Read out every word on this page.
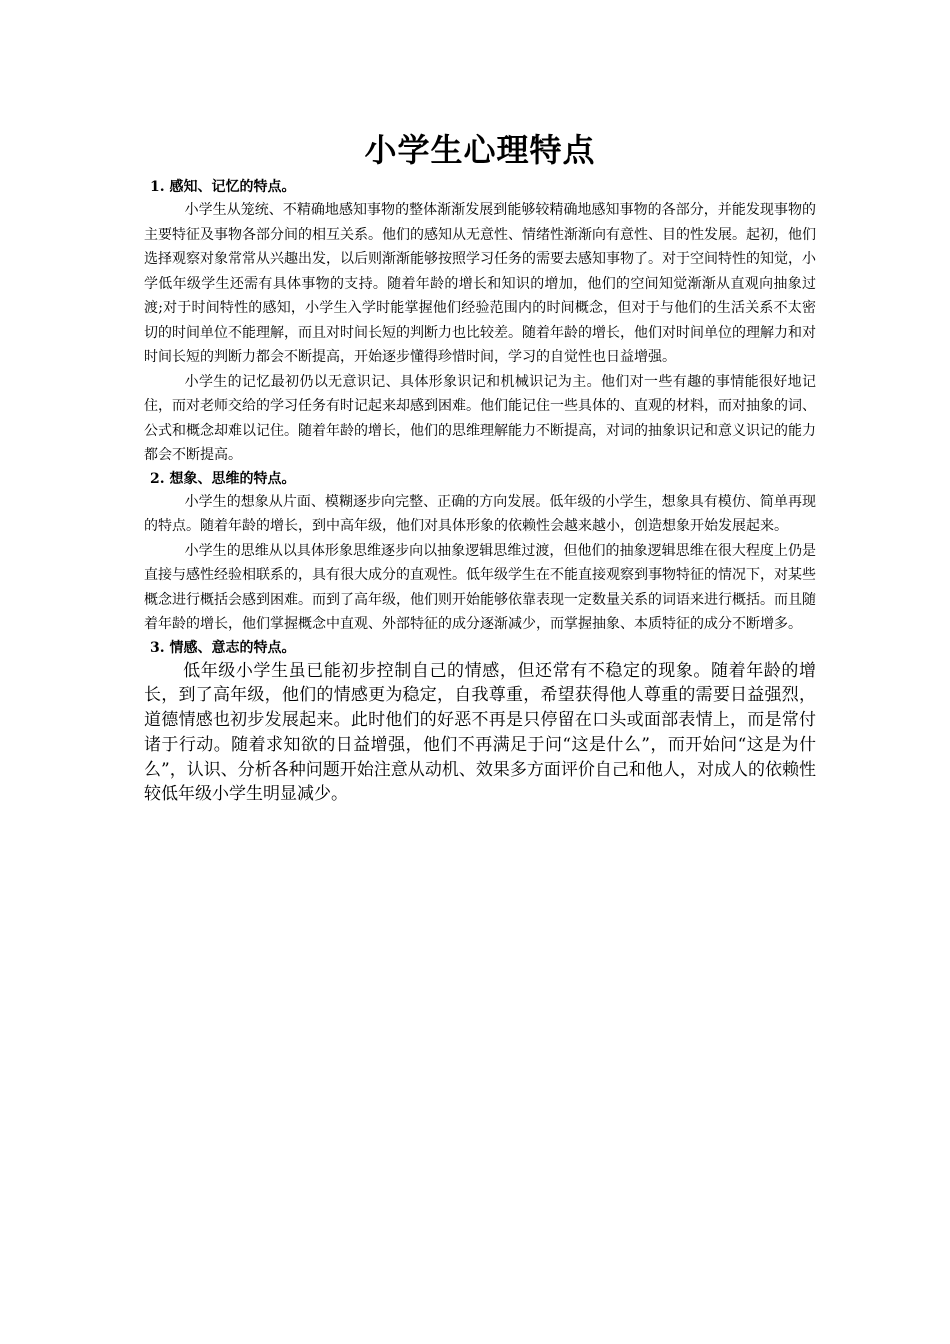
小学生心理特点

1. 感知、记忆的特点。

小学生从笼统、不精确地感知事物的整体渐渐发展到能够较精确地感知事物的各部分，并能发现事物的主要特征及事物各部分间的相互关系。他们的感知从无意性、情绪性渐渐向有意性、目的性发展。起初，他们选择观察对象常常从兴趣出发，以后则渐渐能够按照学习任务的需要去感知事物了。对于空间特性的知觉，小学低年级学生还需有具体事物的支持。随着年龄的增长和知识的增加，他们的空间知觉渐渐从直观向抽象过渡;对于时间特性的感知，小学生入学时能掌握他们经验范围内的时间概念，但对于与他们的生活关系不太密切的时间单位不能理解，而且对时间长短的判断力也比较差。随着年龄的增长，他们对时间单位的理解力和对时间长短的判断力都会不断提高，开始逐步懂得珍惜时间，学习的自觉性也日益增强。

小学生的记忆最初仍以无意识记、具体形象识记和机械识记为主。他们对一些有趣的事情能很好地记住，而对老师交给的学习任务有时记起来却感到困难。他们能记住一些具体的、直观的材料，而对抽象的词、公式和概念却难以记住。随着年龄的增长，他们的思维理解能力不断提高，对词的抽象识记和意义识记的能力都会不断提高。

2. 想象、思维的特点。

小学生的想象从片面、模糊逐步向完整、正确的方向发展。低年级的小学生，想象具有模仿、简单再现的特点。随着年龄的增长，到中高年级，他们对具体形象的依赖性会越来越小，创造想象开始发展起来。

小学生的思维从以具体形象思维逐步向以抽象逻辑思维过渡，但他们的抽象逻辑思维在很大程度上仍是直接与感性经验相联系的，具有很大成分的直观性。低年级学生在不能直接观察到事物特征的情况下，对某些概念进行概括会感到困难。而到了高年级，他们则开始能够依靠表现一定数量关系的词语来进行概括。而且随着年龄的增长，他们掌握概念中直观、外部特征的成分逐渐减少，而掌握抽象、本质特征的成分不断增多。

3. 情感、意志的特点。

低年级小学生虽已能初步控制自己的情感，但还常有不稳定的现象。随着年龄的增长，到了高年级，他们的情感更为稳定，自我尊重，希望获得他人尊重的需要日益强烈，道德情感也初步发展起来。此时他们的好恶不再是只停留在口头或面部表情上，而是常付诸于行动。随着求知欲的日益增强，他们不再满足于问“这是什么”，而开始问“这是为什么”，认识、分析各种问题开始注意从动机、效果多方面评价自己和他人，对成人的依赖性较低年级小学生明显减少。
